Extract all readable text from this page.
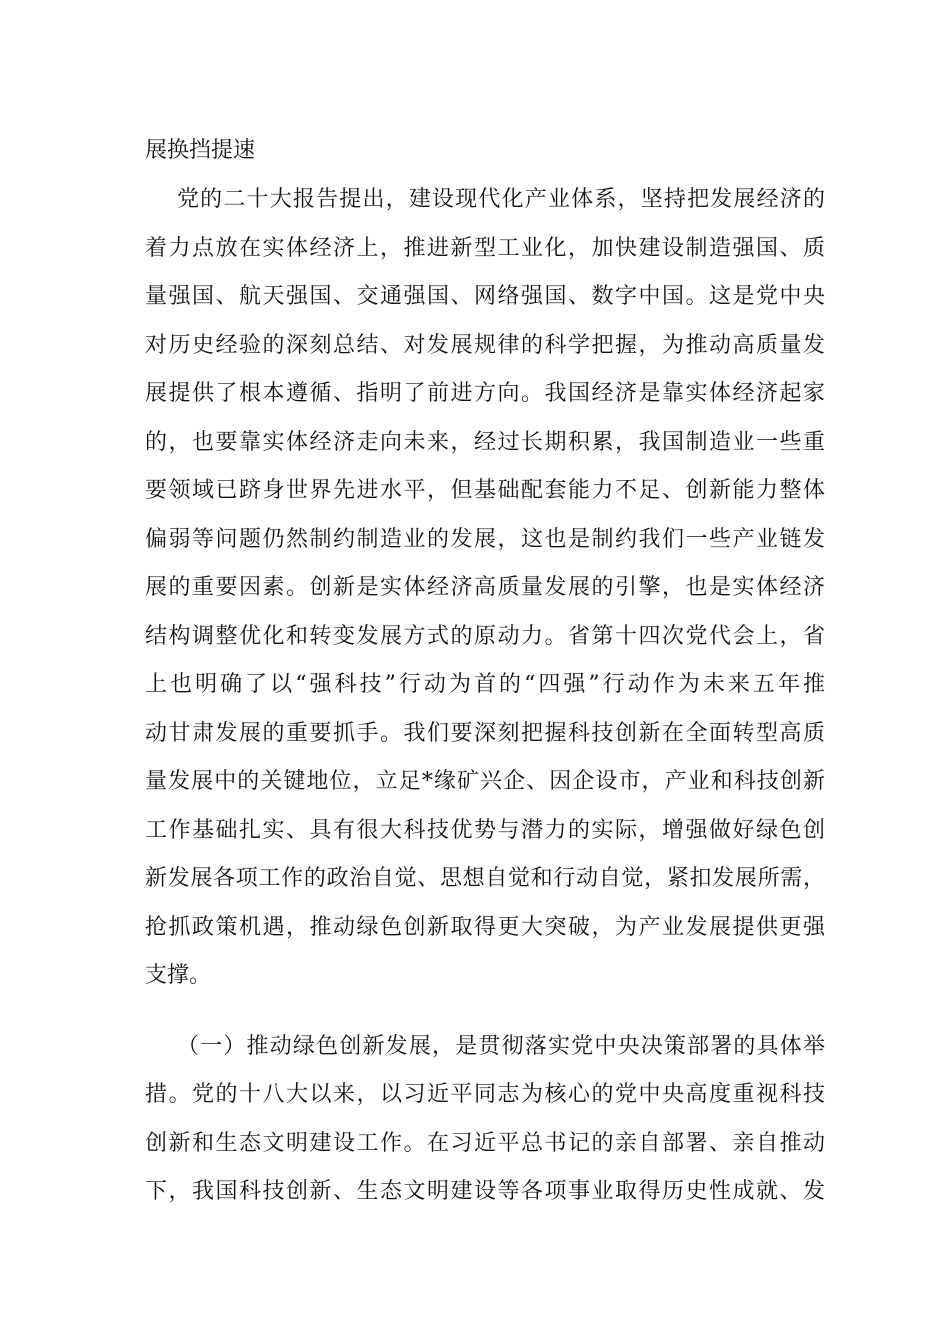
展换挡提速
党的二十大报告提出，建设现代化产业体系，坚持把发展经济的
着力点放在实体经济上，推进新型工业化，加快建设制造强国、质
量强国、航天强国、交通强国、网络强国、数字中国。这是党中央
对历史经验的深刻总结、对发展规律的科学把握，为推动高质量发
展提供了根本遵循、指明了前进方向。我国经济是靠实体经济起家
的，也要靠实体经济走向未来，经过长期积累，我国制造业一些重
要领域已跻身世界先进水平，但基础配套能力不足、创新能力整体
偏弱等问题仍然制约制造业的发展，这也是制约我们一些产业链发
展的重要因素。创新是实体经济高质量发展的引擎，也是实体经济
结构调整优化和转变发展方式的原动力。省第十四次党代会上，省
上也明确了以“强科技”行动为首的“四强”行动作为未来五年推
动甘肃发展的重要抓手。我们要深刻把握科技创新在全面转型高质
量发展中的关键地位，立足*缘矿兴企、因企设市，产业和科技创新
工作基础扎实、具有很大科技优势与潜力的实际，增强做好绿色创
新发展各项工作的政治自觉、思想自觉和行动自觉，紧扣发展所需，
抢抓政策机遇，推动绿色创新取得更大突破，为产业发展提供更强
支撑。
（一）推动绿色创新发展，是贯彻落实党中央决策部署的具体举
措。党的十八大以来，以习近平同志为核心的党中央高度重视科技
创新和生态文明建设工作。在习近平总书记的亲自部署、亲自推动
下，我国科技创新、生态文明建设等各项事业取得历史性成就、发
